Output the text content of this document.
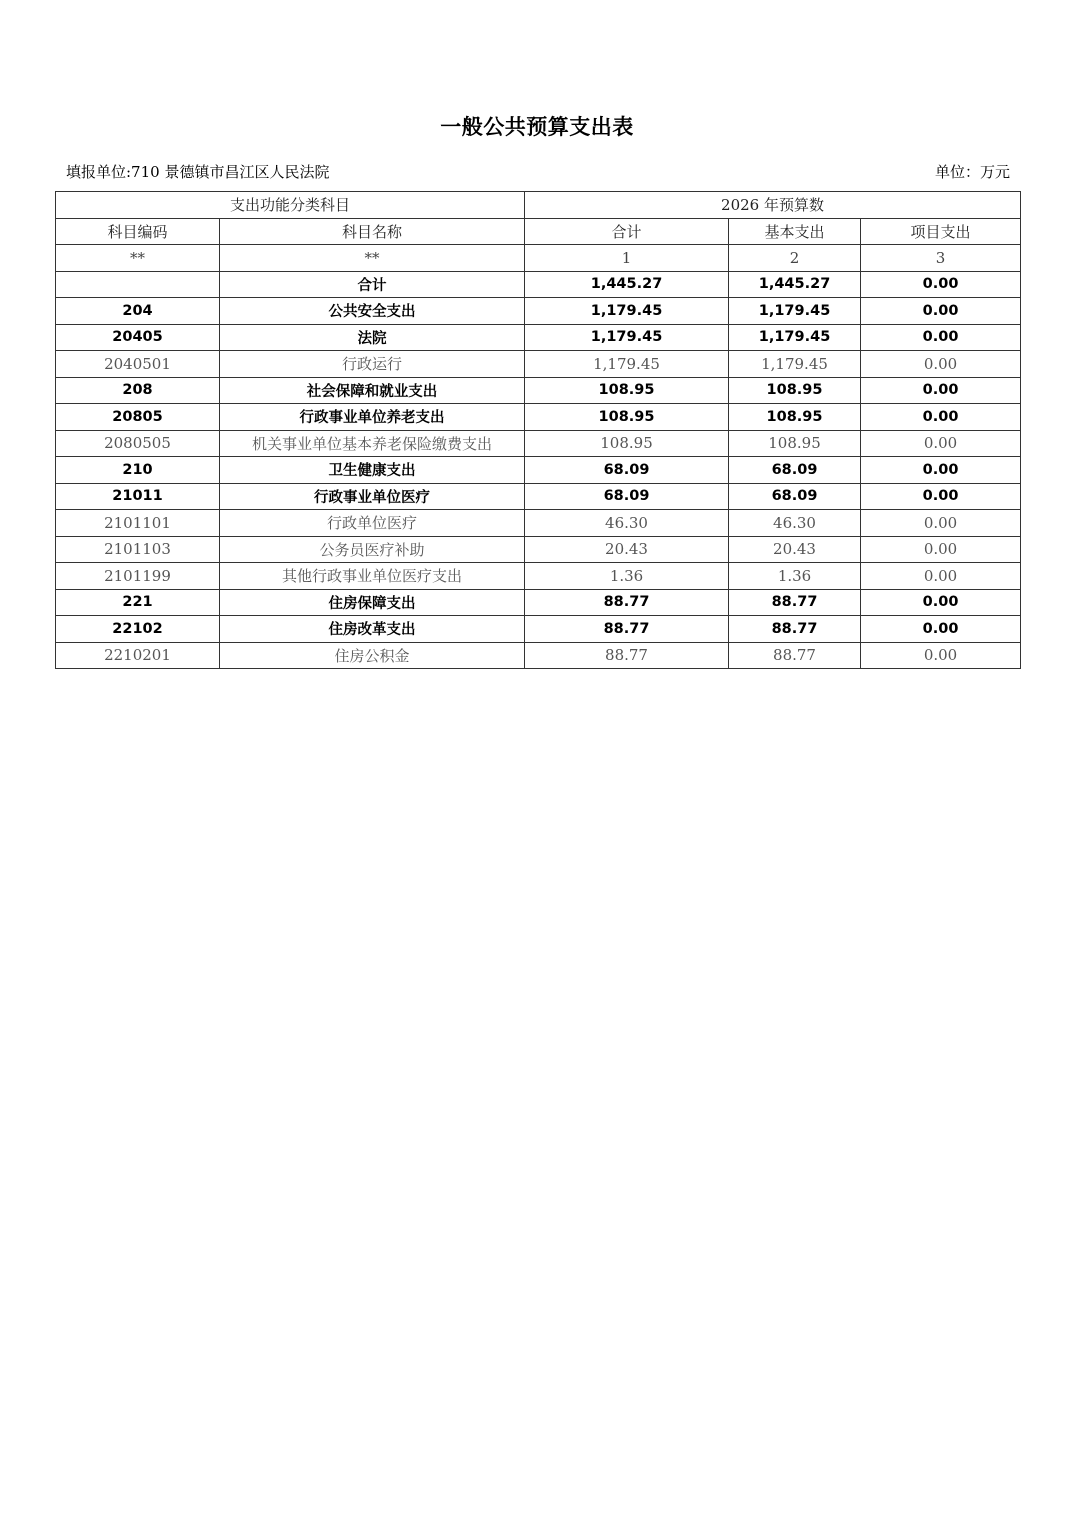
一般公共预算支出表
填报单位:710 景德镇市昌江区人民法院	单位：万元
支出功能分类科目		2026 年预算数		
科目编码	科目名称	合计	基本支出	项目支出
**	**	1	2	3
	合计	1,445.27	1,445.27	0.00
204	公共安全支出	1,179.45	1,179.45	0.00
20405	法院	1,179.45	1,179.45	0.00
2040501	行政运行	1,179.45	1,179.45	0.00
208	社会保障和就业支出	108.95	108.95	0.00
20805	行政事业单位养老支出	108.95	108.95	0.00
2080505	机关事业单位基本养老保险缴费支出	108.95	108.95	0.00
210	卫生健康支出	68.09	68.09	0.00
21011	行政事业单位医疗	68.09	68.09	0.00
2101101	行政单位医疗	46.30	46.30	0.00
2101103	公务员医疗补助	20.43	20.43	0.00
2101199	其他行政事业单位医疗支出	1.36	1.36	0.00
221	住房保障支出	88.77	88.77	0.00
22102	住房改革支出	88.77	88.77	0.00
2210201	住房公积金	88.77	88.77	0.00
